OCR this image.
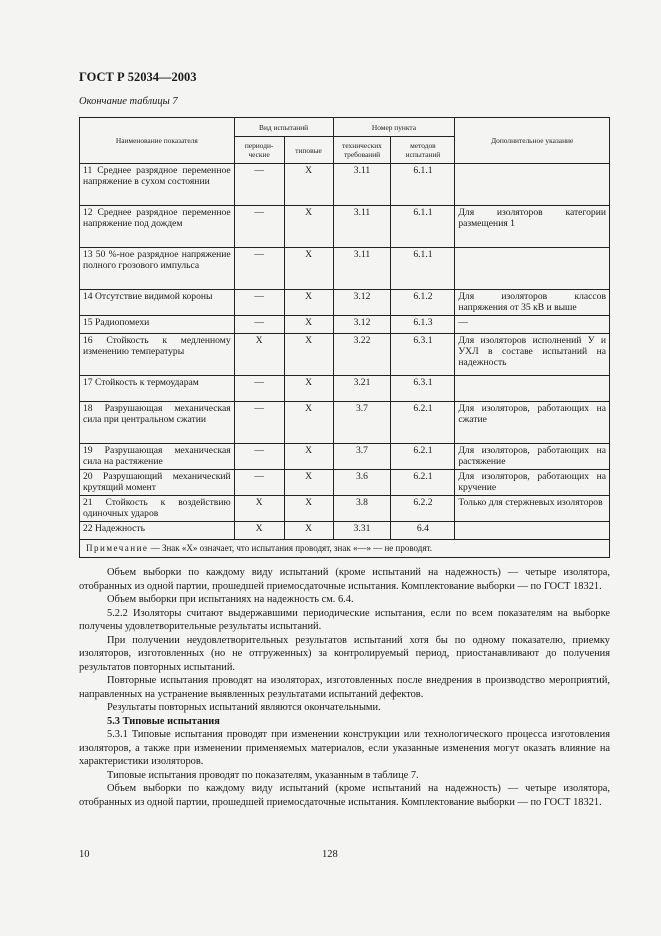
ГОСТ Р 52034—2003
Окончание таблицы 7
Наименование показателя	Вид испытаний		Номер пункта		Дополнительное указание
	периоди-ческие	типовые	технических требований	методов испытаний	
11 Среднее разрядное переменное напряжение в сухом состоянии	—	X	3.11	6.1.1	
12 Среднее разрядное переменное напряжение под дождем	—	X	3.11	6.1.1	Для изоляторов категории размещения 1
13 50 %-ное разрядное напряжение полного грозового импульса	—	X	3.11	6.1.1	
14 Отсутствие видимой короны	—	X	3.12	6.1.2	Для изоляторов классов напряжения от 35 кВ и выше
15 Радиопомехи	—	X	3.12	6.1.3	—
16 Стойкость к медленному изменению температуры	X	X	3.22	6.3.1	Для изоляторов исполнений У и УХЛ в составе испытаний на надежность
17 Стойкость к термоударам	—	X	3.21	6.3.1	
18 Разрушающая механическая сила при центральном сжатии	—	X	3.7	6.2.1	Для изоляторов, работающих на сжатие
19 Разрушающая механическая сила на растяжение	—	X	3.7	6.2.1	Для изоляторов, работающих на растяжение
20 Разрушающий механический крутящий момент	—	X	3.6	6.2.1	Для изоляторов, работающих на кручение
21 Стойкость к воздействию одиночных ударов	X	X	3.8	6.2.2	Только для стержневых изоляторов
22 Надежность	X	X	3.31	6.4	
Примечание — Знак «X» означает, что испытания проводят, знак «—» — не проводят.					

Объем выборки по каждому виду испытаний (кроме испытаний на надежность) — четыре изолятора, отобранных из одной партии, прошедшей приемосдаточные испытания. Комплектование выборки — по ГОСТ 18321.

Объем выборки при испытаниях на надежность см. 6.4.

5.2.2 Изоляторы считают выдержавшими периодические испытания, если по всем показателям на выборке получены удовлетворительные результаты испытаний.

При получении неудовлетворительных результатов испытаний хотя бы по одному показателю, приемку изоляторов, изготовленных (но не отгруженных) за контролируемый период, приостанавливают до получения результатов повторных испытаний.

Повторные испытания проводят на изоляторах, изготовленных после внедрения в производство мероприятий, направленных на устранение выявленных результатами испытаний дефектов.

Результаты повторных испытаний являются окончательными.

5.3 Типовые испытания

5.3.1 Типовые испытания проводят при изменении конструкции или технологического процесса изготовления изоляторов, а также при изменении применяемых материалов, если указанные изменения могут оказать влияние на характеристики изоляторов.

Типовые испытания проводят по показателям, указанным в таблице 7.

Объем выборки по каждому виду испытаний (кроме испытаний на надежность) — четыре изолятора, отобранных из одной партии, прошедшей приемосдаточные испытания. Комплектование выборки — по ГОСТ 18321.

10	128
